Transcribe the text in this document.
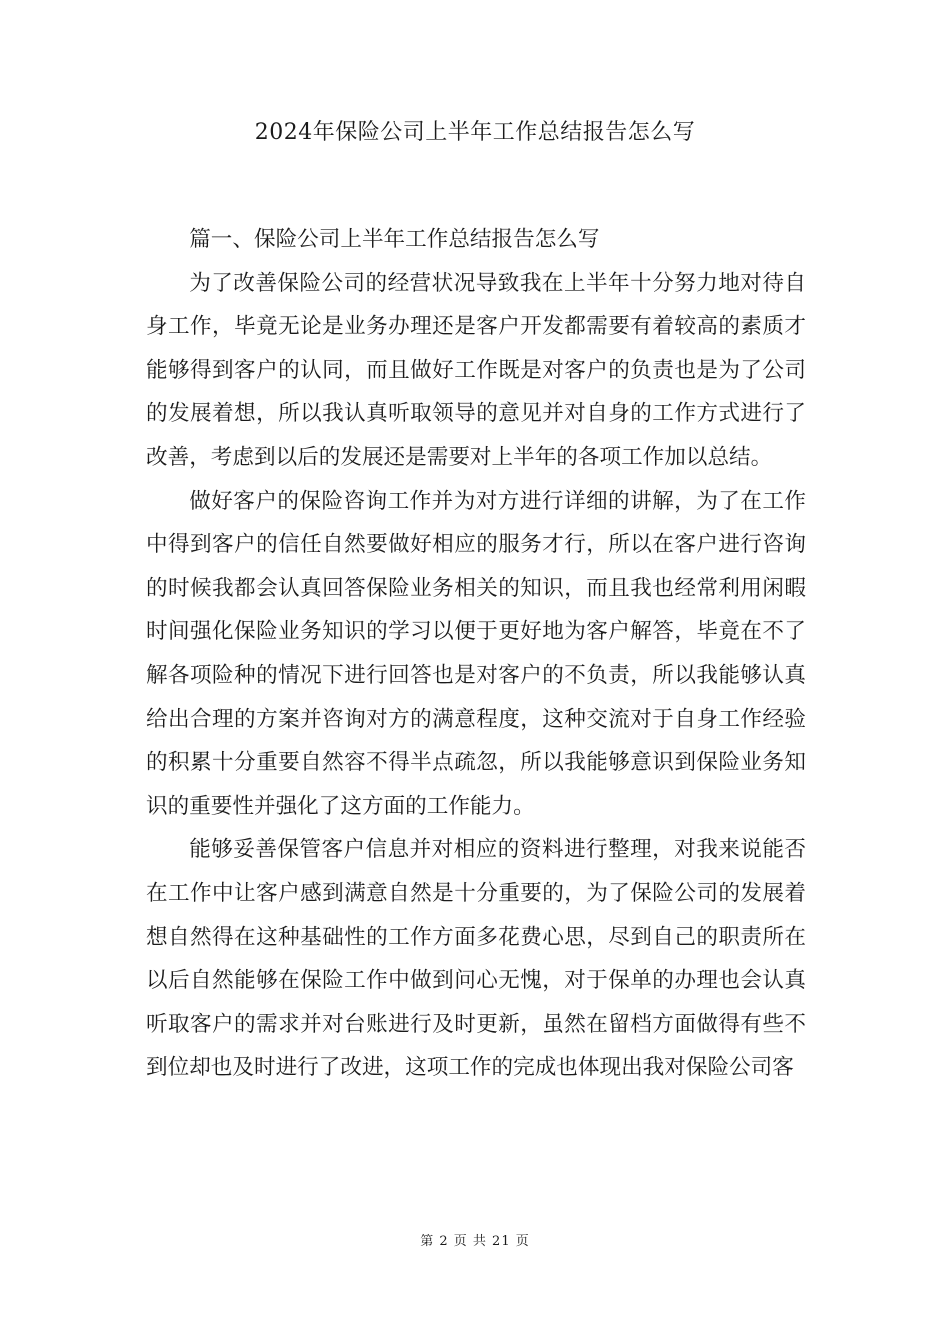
2024年保险公司上半年工作总结报告怎么写

篇一、保险公司上半年工作总结报告怎么写

为了改善保险公司的经营状况导致我在上半年十分努力地对待自身工作，毕竟无论是业务办理还是客户开发都需要有着较高的素质才能够得到客户的认同，而且做好工作既是对客户的负责也是为了公司的发展着想，所以我认真听取领导的意见并对自身的工作方式进行了改善，考虑到以后的发展还是需要对上半年的各项工作加以总结。

做好客户的保险咨询工作并为对方进行详细的讲解，为了在工作中得到客户的信任自然要做好相应的服务才行，所以在客户进行咨询的时候我都会认真回答保险业务相关的知识，而且我也经常利用闲暇时间强化保险业务知识的学习以便于更好地为客户解答，毕竟在不了解各项险种的情况下进行回答也是对客户的不负责，所以我能够认真给出合理的方案并咨询对方的满意程度，这种交流对于自身工作经验的积累十分重要自然容不得半点疏忽，所以我能够意识到保险业务知识的重要性并强化了这方面的工作能力。

能够妥善保管客户信息并对相应的资料进行整理，对我来说能否在工作中让客户感到满意自然是十分重要的，为了保险公司的发展着想自然得在这种基础性的工作方面多花费心思，尽到自己的职责所在以后自然能够在保险工作中做到问心无愧，对于保单的办理也会认真听取客户的需求并对台账进行及时更新，虽然在留档方面做得有些不到位却也及时进行了改进，这项工作的完成也体现出我对保险公司客

第 2 页 共 21 页
